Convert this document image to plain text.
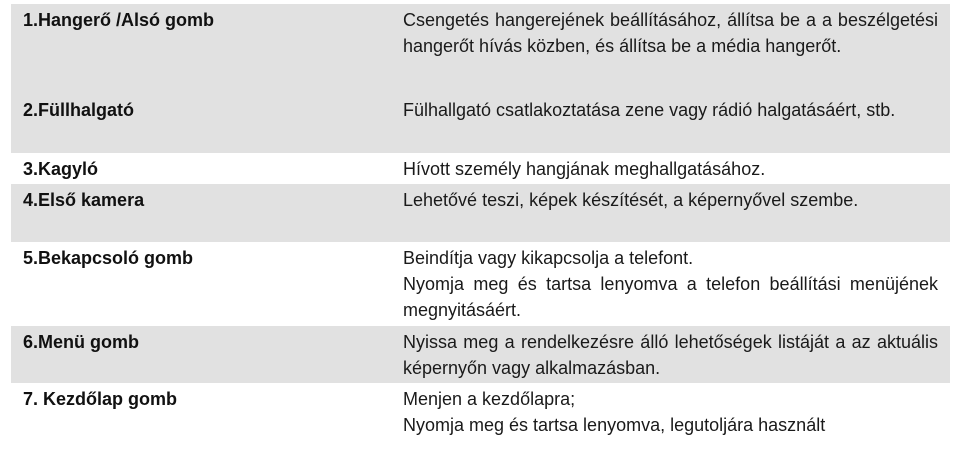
1.Hangerő /Alsó gomb	Csengetés hangerejének beállításához, állítsa be a a beszélgetési hangerőt hívás közben, és állítsa be a média hangerőt.
2.Füllhalgató	Fülhallgató csatlakoztatása zene vagy rádió halgatásáért, stb.
3.Kagyló	Hívott személy hangjának meghallgatásához.
4.Első kamera	Lehetővé teszi, képek készítését, a képernyővel szembe.
5.Bekapcsoló gomb	Beindítja vagy kikapcsolja a telefont.
Nyomja meg és tartsa lenyomva a telefon beállítási menüjének megnyitásáért.
6.Menü gomb	Nyissa meg a rendelkezésre álló lehetőségek listáját a az aktuális képernyőn vagy alkalmazásban.
7. Kezdőlap gomb	Menjen a kezdőlapra;
Nyomja meg és tartsa lenyomva, legutoljára használt
